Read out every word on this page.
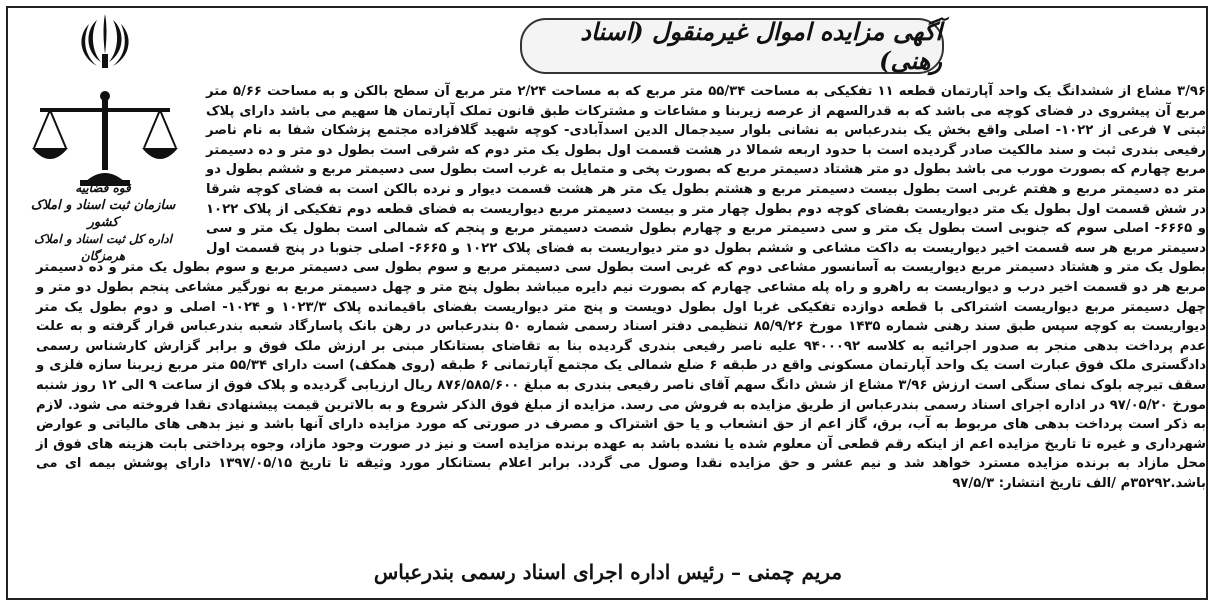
آگهی مزایده اموال غیرمنقول (اسناد رهنی)
قوه قضاییه
سازمان ثبت اسناد و املاک کشور
اداره کل ثبت اسناد و املاک هرمزگان
۳/۹۶ مشاع از ششدانگ یک واحد آپارتمان قطعه ۱۱ تفکیکی به مساحت ۵۵/۳۴ متر مربع که به مساحت ۲/۲۴ متر مربع آن سطح بالکن و به مساحت ۵/۶۶ متر مربع آن پیشروی در فضای کوچه می باشد که به قدرالسهم از عرصه زیربنا و مشاعات و مشترکات طبق قانون تملک آپارتمان ها سهیم می باشد دارای پلاک ثبتی ۷ فرعی از ۱۰۲۲- اصلی واقع بخش یک بندرعباس به نشانی بلوار سیدجمال الدین اسدآبادی- کوچه شهید گلافزاده مجتمع پزشکان شفا به نام ناصر رفیعی بندری ثبت و سند مالکیت صادر گردیده است با حدود اربعه شمالا در هشت قسمت اول بطول یک متر دوم که شرقی است بطول دو متر و ده دسیمتر مربع چهارم که بصورت مورب می باشد بطول دو متر هشتاد دسیمتر مربع که بصورت پخی و متمایل به غرب است بطول سی دسیمتر مربع و ششم بطول دو متر ده دسیمتر مربع و هفتم غربی است بطول بیست دسیمتر مربع و هشتم بطول یک متر هر هشت قسمت دیوار و نرده بالکن است به فضای کوچه شرقا در شش قسمت اول بطول یک متر دیواریست بفضای کوچه دوم بطول چهار متر و بیست دسیمتر مربع دیواریست به فضای قطعه دوم تفکیکی از پلاک ۱۰۲۲ و ۶۶۶۵- اصلی سوم که جنوبی است بطول یک متر و سی دسیمتر مربع و چهارم بطول شصت دسیمتر مربع و پنجم که شمالی است بطول یک متر و سی دسیمتر مربع هر سه قسمت اخیر دیواریست به داکت مشاعی و ششم بطول دو متر دیواریست به فضای پلاک ۱۰۲۲ و ۶۶۶۵- اصلی جنوبا در پنج قسمت اول بطول یک متر و هشتاد دسیمتر مربع دیواریست به آسانسور مشاعی دوم که غربی است بطول سی دسیمتر مربع و سوم بطول سی دسیمتر مربع و سوم بطول یک متر و ده دسیمتر مربع هر دو قسمت اخیر درب و دیواریست به راهرو و راه پله مشاعی چهارم که بصورت نیم دایره میباشد بطول پنج متر و چهل دسیمتر مربع به نورگیر مشاعی پنجم بطول دو متر و چهل دسیمتر مربع دیواریست اشتراکی با قطعه دوازده تفکیکی غربا اول بطول دویست و پنج متر دیواریست بفضای باقیمانده پلاک ۱۰۲۳/۳ و ۱۰۲۴- اصلی و دوم بطول یک متر دیواریست به کوچه سپس طبق سند رهنی شماره ۱۴۳۵ مورخ ۸۵/۹/۲۶ تنظیمی دفتر اسناد رسمی شماره ۵۰ بندرعباس در رهن بانک پاسارگاد شعبه بندرعباس قرار گرفته و به علت عدم پرداخت بدهی منجر به صدور اجرائیه به کلاسه ۹۴۰۰۰۹۲ علیه ناصر رفیعی بندری گردیده بنا به تقاضای بستانکار مبنی بر ارزش ملک فوق و برابر گزارش کارشناس رسمی دادگستری ملک فوق عبارت است یک واحد آپارتمان مسکونی واقع در طبقه ۶ ضلع شمالی یک مجتمع آپارتمانی ۶ طبقه (روی همکف) است دارای ۵۵/۳۴ متر مربع زیربنا سازه فلزی و سقف تیرچه بلوک نمای سنگی است ارزش ۳/۹۶ مشاع از شش دانگ سهم آقای ناصر رفیعی بندری به مبلغ ۸۷۶/۵۸۵/۶۰۰ ریال ارزیابی گردیده و پلاک فوق از ساعت ۹ الی ۱۲ روز شنبه مورخ ۹۷/۰۵/۲۰ در اداره اجرای اسناد رسمی بندرعباس از طریق مزایده به فروش می رسد. مزایده از مبلغ فوق الذکر شروع و به بالاترین قیمت پیشنهادی نقدا فروخته می شود. لازم به ذکر است پرداخت بدهی های مربوط به آب، برق، گاز اعم از حق انشعاب و یا حق اشتراک و مصرف در صورتی که مورد مزایده دارای آنها باشد و نیز بدهی های مالیاتی و عوارض شهرداری و غیره تا تاریخ مزایده اعم از اینکه رقم قطعی آن معلوم شده یا نشده باشد به عهده برنده مزایده است و نیز در صورت وجود مازاد، وجوه پرداختی بابت هزینه های فوق از محل مازاد به برنده مزایده مسترد خواهد شد و نیم عشر و حق مزایده نقدا وصول می گردد. برابر اعلام بستانکار مورد وثیقه تا تاریخ ۱۳۹۷/۰۵/۱۵ دارای پوشش بیمه ای می باشد.۳۵۲۹۲م /الف تاریخ انتشار: ۹۷/۵/۳
مریم چمنی – رئیس اداره اجرای اسناد رسمی بندرعباس
